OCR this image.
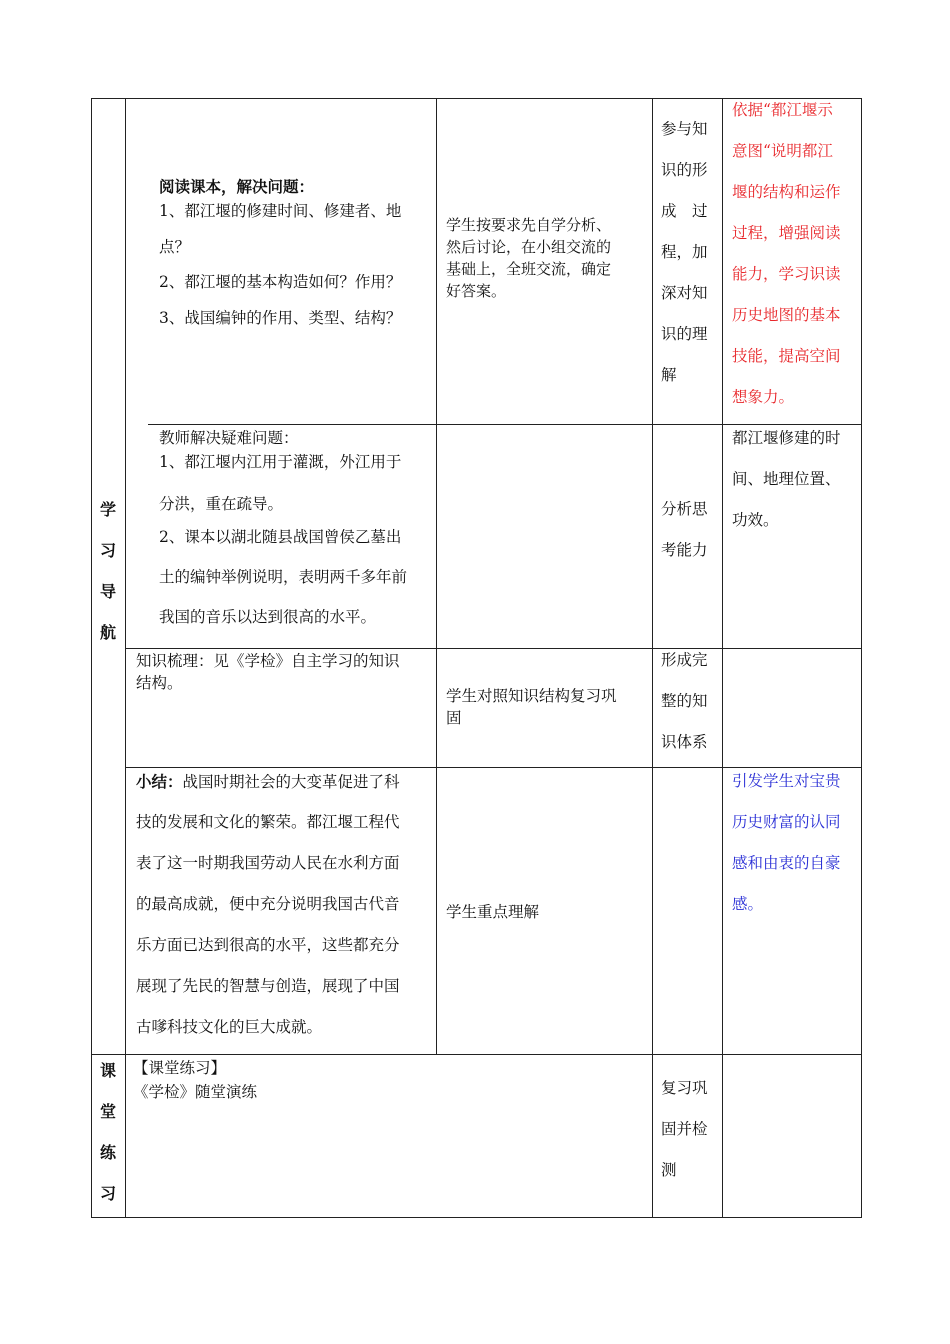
学
习
导
航
阅读课本，解决问题：
1、都江堰的修建时间、修建者、地
点？
2、都江堰的基本构造如何？作用？
3、战国编钟的作用、类型、结构？
学生按要求先自学分析、
然后讨论，在小组交流的
基础上，全班交流，确定
好答案。
参与知
识的形
成　过
程，加
深对知
识的理
解
依据“都江堰示
意图“说明都江
堰的结构和运作
过程，增强阅读
能力，学习识读
历史地图的基本
技能，提高空间
想象力。
教师解决疑难问题：
1、都江堰内江用于灌溉，外江用于
分洪，重在疏导。
2、课本以湖北随县战国曾侯乙墓出
土的编钟举例说明，表明两千多年前
我国的音乐以达到很高的水平。
分析思
考能力
都江堰修建的时
间、地理位置、
功效。
知识梳理：见《学检》自主学习的知识
结构。
学生对照知识结构复习巩
固
形成完
整的知
识体系
小结：战国时期社会的大变革促进了科
技的发展和文化的繁荣。都江堰工程代
表了这一时期我国劳动人民在水利方面
的最高成就，便中充分说明我国古代音
乐方面已达到很高的水平，这些都充分
展现了先民的智慧与创造，展现了中国
古嗲科技文化的巨大成就。
学生重点理解
引发学生对宝贵
历史财富的认同
感和由衷的自豪
感。
课
堂
练
习
【课堂练习】
《学检》随堂演练	复习巩
固并检
测
